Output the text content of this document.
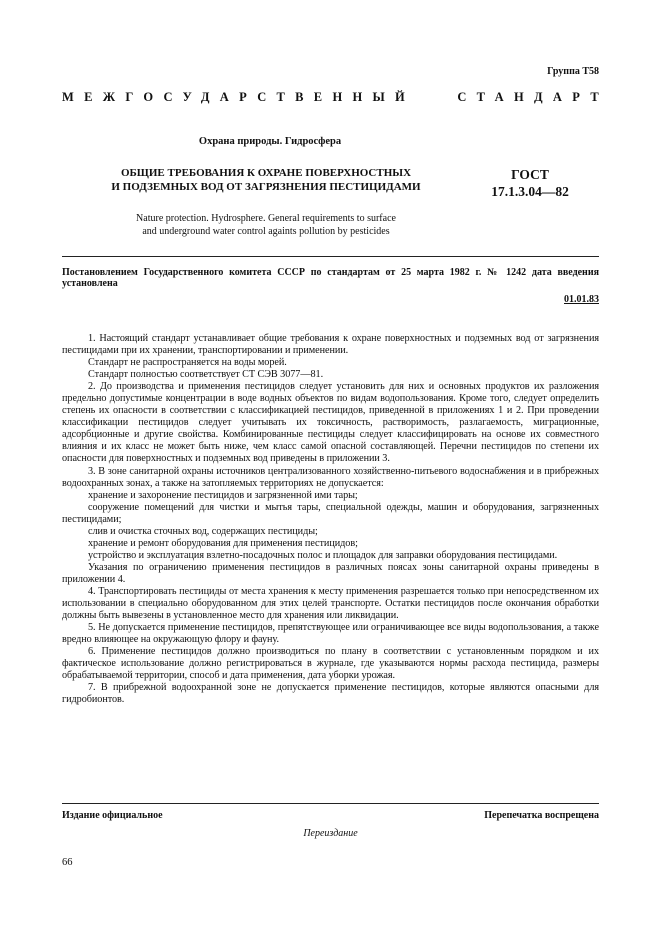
Группа Т58
МЕЖГОСУДАРСТВЕННЫЙ	СТАНДАРТ
Охрана природы. Гидросфера
ОБЩИЕ ТРЕБОВАНИЯ К ОХРАНЕ ПОВЕРХНОСТНЫХ
И ПОДЗЕМНЫХ ВОД ОТ ЗАГРЯЗНЕНИЯ ПЕСТИЦИДАМИ
ГОСТ
17.1.3.04—82
Nature protection. Hydrosphere. General requirements to surface
and underground water control againts pollution by pesticides
Постановлением Государственного комитета СССР по стандартам от 25 марта 1982 г. № 1242 дата введения установлена
01.01.83

1. Настоящий стандарт устанавливает общие требования к охране поверхностных и подземных вод от загрязнения пестицидами при их хранении, транспортировании и применении.

Стандарт не распространяется на воды морей.

Стандарт полностью соответствует СТ СЭВ 3077—81.

2. До производства и применения пестицидов следует установить для них и основных продуктов их разложения предельно допустимые концентрации в воде водных объектов по видам водопользования. Кроме того, следует определить степень их опасности в соответствии с классификацией пестицидов, приведенной в приложениях 1 и 2. При проведении классификации пестицидов следует учитывать их токсичность, растворимость, разлагаемость, миграционные, адсорбционные и другие свойства. Комбинированные пестициды следует классифицировать на основе их совместного влияния и их класс не может быть ниже, чем класс самой опасной составляющей. Перечни пестицидов по степени их опасности для поверхностных и подземных вод приведены в приложении 3.

3. В зоне санитарной охраны источников централизованного хозяйственно-питьевого водоснабжения и в прибрежных водоохранных зонах, а также на затопляемых территориях не допускается:

хранение и захоронение пестицидов и загрязненной ими тары;

сооружение помещений для чистки и мытья тары, специальной одежды, машин и оборудования, загрязненных пестицидами;

слив и очистка сточных вод, содержащих пестициды;

хранение и ремонт оборудования для применения пестицидов;

устройство и эксплуатация взлетно-посадочных полос и площадок для заправки оборудования пестицидами.

Указания по ограничению применения пестицидов в различных поясах зоны санитарной охраны приведены в приложении 4.

4. Транспортировать пестициды от места хранения к месту применения разрешается только при непосредственном их использовании в специально оборудованном для этих целей транспорте. Остатки пестицидов после окончания обработки должны быть вывезены в установленное место для хранения или ликвидации.

5. Не допускается применение пестицидов, препятствующее или ограничивающее все виды водопользования, а также вредно влияющее на окружающую флору и фауну.

6. Применение пестицидов должно производиться по плану в соответствии с установленным порядком и их фактическое использование должно регистрироваться в журнале, где указываются нормы расхода пестицида, размеры обрабатываемой территории, способ и дата применения, дата уборки урожая.

7. В прибрежной водоохранной зоне не допускается применение пестицидов, которые являются опасными для гидробионтов.

Издание официальное	Перепечатка воспрещена
Переиздание
66
